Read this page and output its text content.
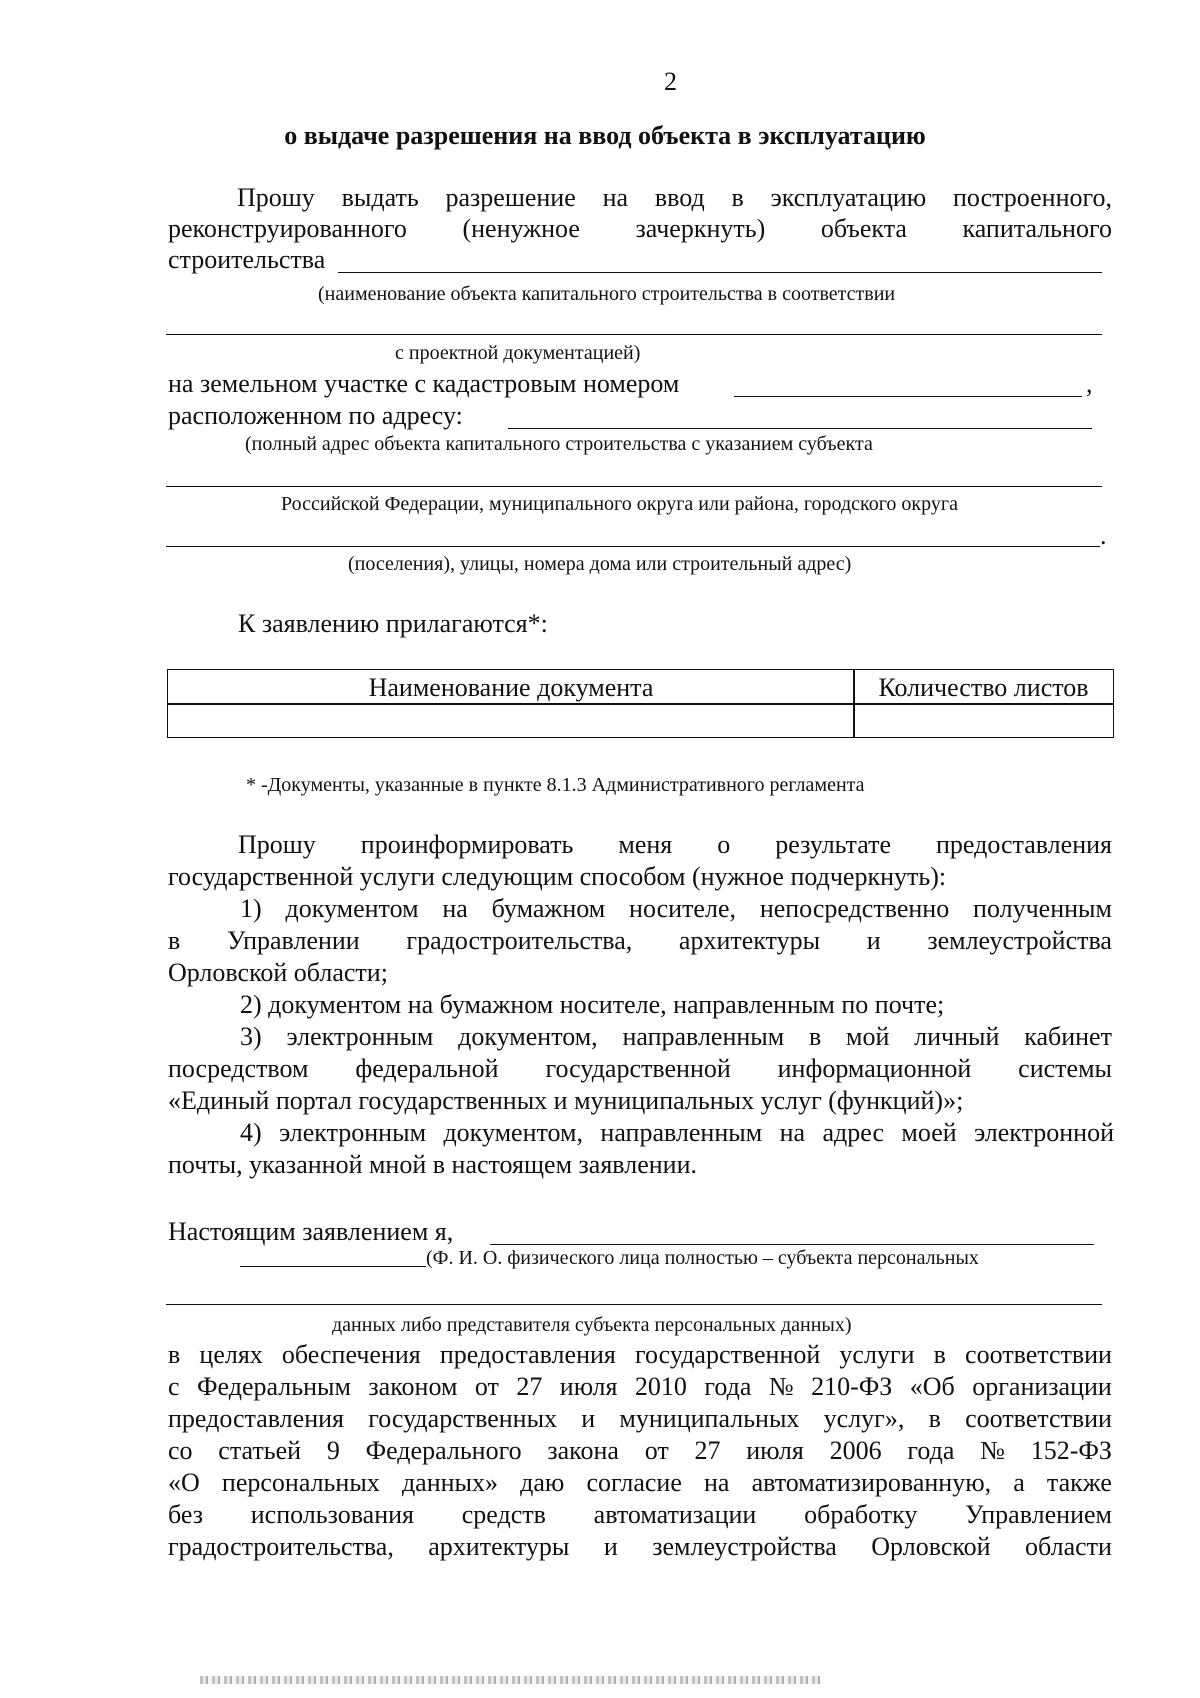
2
о выдаче разрешения на ввод объекта в эксплуатацию
Прошу выдать разрешение на ввод в эксплуатацию построенного,
реконструированного (ненужное зачеркнуть) объекта капитального
строительства
(наименование объекта капитального строительства в соответствии
с проектной документацией)
на земельном участке с кадастровым номером	,
расположенном по адресу:
(полный адрес объекта капитального строительства с указанием субъекта
Российской Федерации, муниципального округа или района, городского округа
.
(поселения), улицы, номера дома или строительный адрес)
К заявлению прилагаются*:
Наименование документа	Количество листов
* -Документы, указанные в пункте 8.1.3 Административного регламента
Прошу проинформировать меня о результате предоставления
государственной услуги следующим способом (нужное подчеркнуть):
1) документом на бумажном носителе, непосредственно полученным
в Управлении градостроительства, архитектуры и землеустройства
Орловской области;
2) документом на бумажном носителе, направленным по почте;
3) электронным документом, направленным в мой личный кабинет
посредством федеральной государственной информационной системы
«Единый портал государственных и муниципальных услуг (функций)»;
4) электронным документом, направленным на адрес моей электронной
почты, указанной мной в настоящем заявлении.
Настоящим заявлением я,
(Ф. И. О. физического лица полностью – субъекта персональных
данных либо представителя субъекта персональных данных)
в целях обеспечения предоставления государственной услуги в соответствии
с Федеральным законом от 27 июля 2010 года № 210-ФЗ «Об организации
предоставления государственных и муниципальных услуг», в соответствии
со статьей 9 Федерального закона от 27 июля 2006 года № 152-ФЗ
«О персональных данных» даю согласие на автоматизированную, а также
без использования средств автоматизации обработку Управлением
градостроительства, архитектуры и землеустройства Орловской области
